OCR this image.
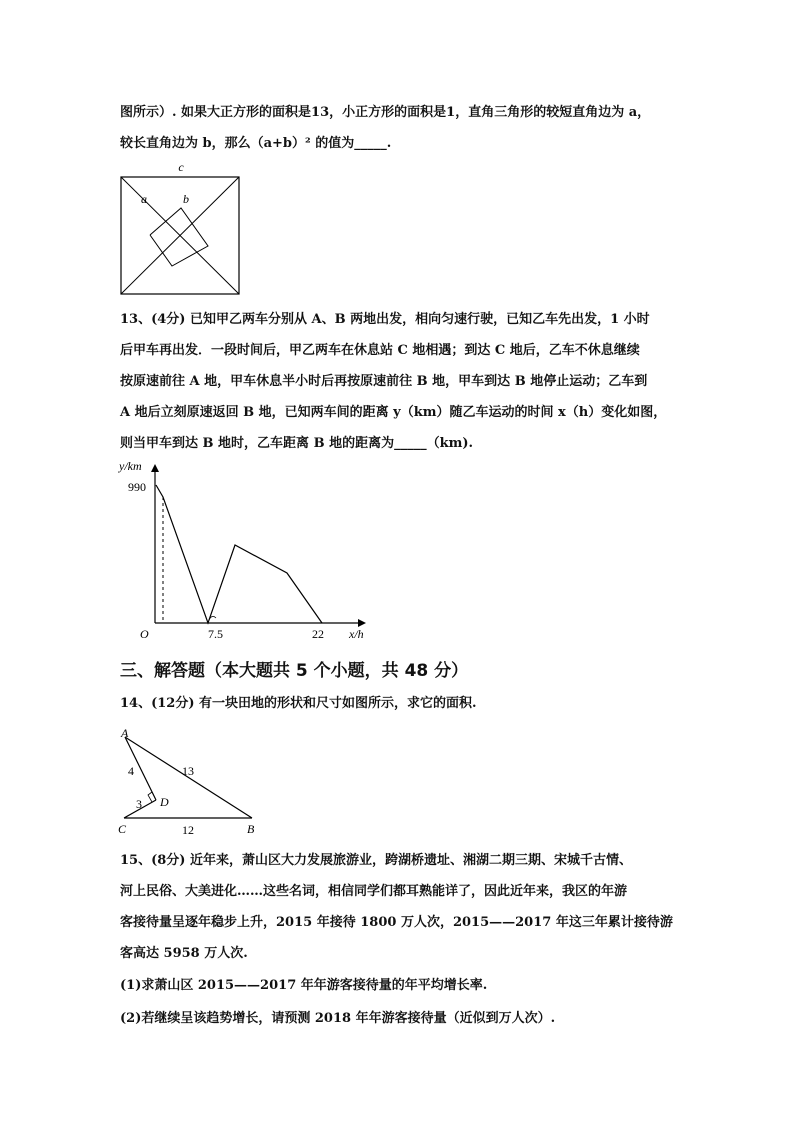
图所示）. 如果大正方形的面积是13，小正方形的面积是1，直角三角形的较短直角边为 a，
较长直角边为 b，那么（a+b）² 的值为_____.
c
a	b
13、(4分) 已知甲乙两车分别从 A、B 两地出发，相向匀速行驶，已知乙车先出发，1 小时
后甲车再出发．一段时间后，甲乙两车在休息站 C 地相遇；到达 C 地后，乙车不休息继续
按原速前往 A 地，甲车休息半小时后再按原速前往 B 地，甲车到达 B 地停止运动；乙车到
A 地后立刻原速返回 B 地，已知两车间的距离 y（km）随乙车运动的时间 x（h）变化如图，
则当甲车到达 B 地时，乙车距离 B 地的距离为_____（km).
y/km
990
O	7.5	22 x/h
三、解答题（本大题共 5 个小题，共 48 分）
14、(12分) 有一块田地的形状和尺寸如图所示，求它的面积.
A
B
C
D
4	13
3
12
15、(8分) 近年来，萧山区大力发展旅游业，跨湖桥遗址、湘湖二期三期、宋城千古情、
河上民俗、大美进化……这些名词，相信同学们都耳熟能详了，因此近年来，我区的年游
客接待量呈逐年稳步上升，2015 年接待 1800 万人次，2015——2017 年这三年累计接待游
客高达 5958 万人次.
(1)求萧山区 2015——2017 年年游客接待量的年平均增长率.
(2)若继续呈该趋势增长，请预测 2018 年年游客接待量（近似到万人次）.
